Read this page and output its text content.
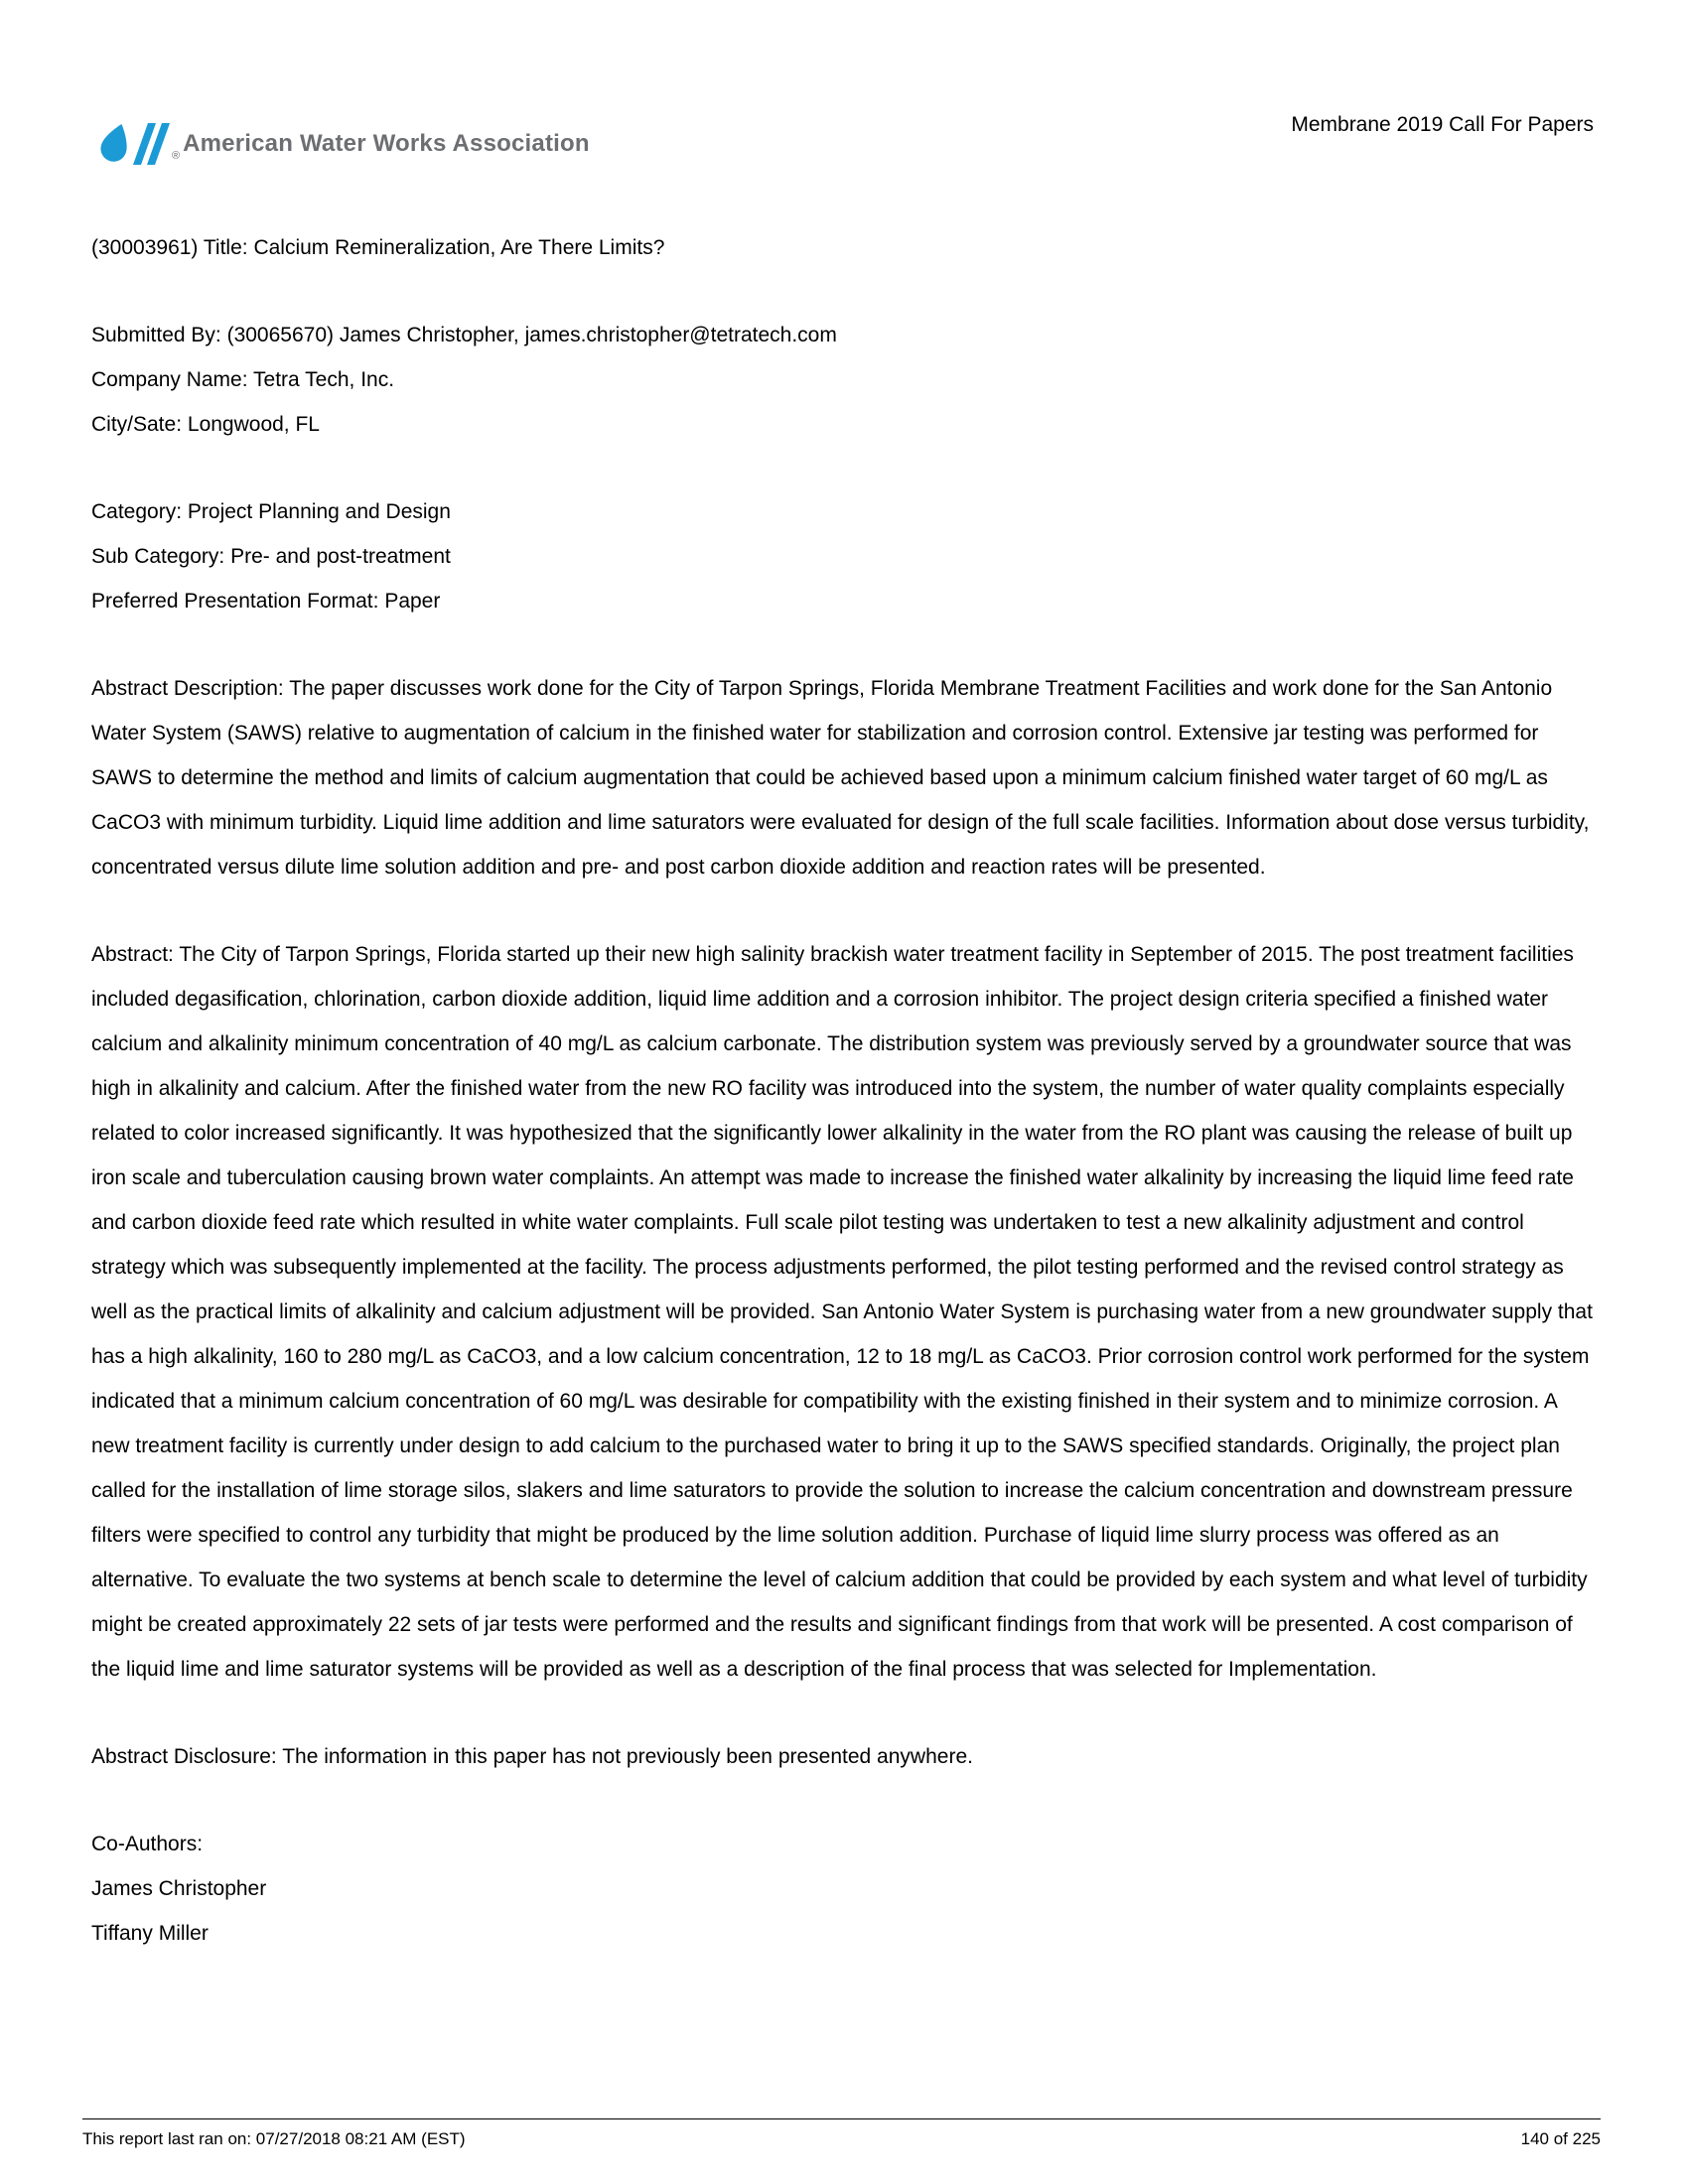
® American Water Works Association
Membrane 2019 Call For Papers

(30003961) Title: Calcium Remineralization, Are There Limits?

Submitted By: (30065670) James Christopher, james.christopher@tetratech.com

Company Name: Tetra Tech, Inc.

City/Sate: Longwood, FL

Category: Project Planning and Design

Sub Category: Pre- and post-treatment

Preferred Presentation Format: Paper

Abstract Description: The paper discusses work done for the City of Tarpon Springs, Florida Membrane Treatment Facilities and work done for the San Antonio Water System (SAWS) relative to augmentation of calcium in the finished water for stabilization and corrosion control. Extensive jar testing was performed for SAWS to determine the method and limits of calcium augmentation that could be achieved based upon a minimum calcium finished water target of 60 mg/L as CaCO3 with minimum turbidity. Liquid lime addition and lime saturators were evaluated for design of the full scale facilities. Information about dose versus turbidity, concentrated versus dilute lime solution addition and pre- and post carbon dioxide addition and reaction rates will be presented.

Abstract: The City of Tarpon Springs, Florida started up their new high salinity brackish water treatment facility in September of 2015. The post treatment facilities included degasification, chlorination, carbon dioxide addition, liquid lime addition and a corrosion inhibitor. The project design criteria specified a finished water calcium and alkalinity minimum concentration of 40 mg/L as calcium carbonate. The distribution system was previously served by a groundwater source that was high in alkalinity and calcium. After the finished water from the new RO facility was introduced into the system, the number of water quality complaints especially related to color increased significantly. It was hypothesized that the significantly lower alkalinity in the water from the RO plant was causing the release of built up iron scale and tuberculation causing brown water complaints. An attempt was made to increase the finished water alkalinity by increasing the liquid lime feed rate and carbon dioxide feed rate which resulted in white water complaints. Full scale pilot testing was undertaken to test a new alkalinity adjustment and control strategy which was subsequently implemented at the facility. The process adjustments performed, the pilot testing performed and the revised control strategy as well as the practical limits of alkalinity and calcium adjustment will be provided. San Antonio Water System is purchasing water from a new groundwater supply that has a high alkalinity, 160 to 280 mg/L as CaCO3, and a low calcium concentration, 12 to 18 mg/L as CaCO3. Prior corrosion control work performed for the system indicated that a minimum calcium concentration of 60 mg/L was desirable for compatibility with the existing finished in their system and to minimize corrosion. A new treatment facility is currently under design to add calcium to the purchased water to bring it up to the SAWS specified standards. Originally, the project plan called for the installation of lime storage silos, slakers and lime saturators to provide the solution to increase the calcium concentration and downstream pressure filters were specified to control any turbidity that might be produced by the lime solution addition. Purchase of liquid lime slurry process was offered as an alternative. To evaluate the two systems at bench scale to determine the level of calcium addition that could be provided by each system and what level of turbidity might be created approximately 22 sets of jar tests were performed and the results and significant findings from that work will be presented. A cost comparison of the liquid lime and lime saturator systems will be provided as well as a description of the final process that was selected for Implementation.

Abstract Disclosure: The information in this paper has not previously been presented anywhere.

Co-Authors:

James Christopher

Tiffany Miller

This report last ran on: 07/27/2018 08:21 AM (EST)	140 of 225
